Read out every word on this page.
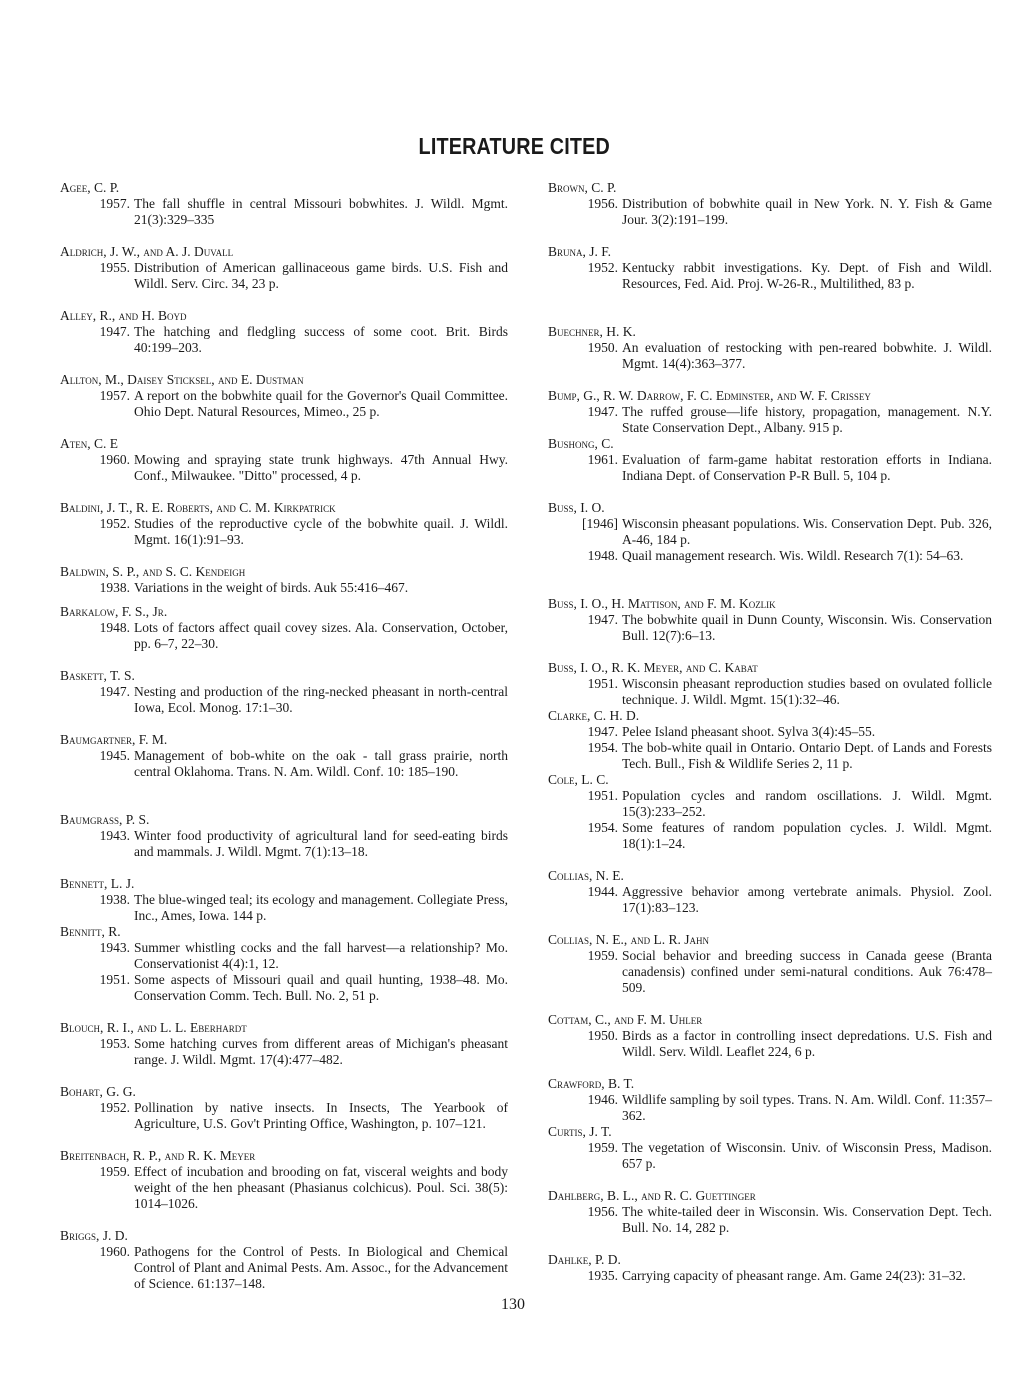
LITERATURE CITED
Agee, C. P.
1957. The fall shuffle in central Missouri bobwhites. J. Wildl. Mgmt. 21(3):329–335
Aldrich, J. W., and A. J. Duvall
1955. Distribution of American gallinaceous game birds. U.S. Fish and Wildl. Serv. Circ. 34, 23 p.
Alley, R., and H. Boyd
1947. The hatching and fledgling success of some coot. Brit. Birds 40:199–203.
Allton, M., Daisey Sticksel, and E. Dustman
1957. A report on the bobwhite quail for the Governor's Quail Committee. Ohio Dept. Natural Resources, Mimeo., 25 p.
Aten, C. E
1960. Mowing and spraying state trunk highways. 47th Annual Hwy. Conf., Milwaukee. "Ditto" processed, 4 p.
Baldini, J. T., R. E. Roberts, and C. M. Kirkpatrick
1952. Studies of the reproductive cycle of the bobwhite quail. J. Wildl. Mgmt. 16(1):91–93.
Baldwin, S. P., and S. C. Kendeigh
1938. Variations in the weight of birds. Auk 55:416–467.
Barkalow, F. S., Jr.
1948. Lots of factors affect quail covey sizes. Ala. Conservation, October, pp. 6–7, 22–30.
Baskett, T. S.
1947. Nesting and production of the ring-necked pheasant in north-central Iowa, Ecol. Monog. 17:1–30.
Baumgartner, F. M.
1945. Management of bob-white on the oak - tall grass prairie, north central Oklahoma. Trans. N. Am. Wildl. Conf. 10: 185–190.
Baumgrass, P. S.
1943. Winter food productivity of agricultural land for seed-eating birds and mammals. J. Wildl. Mgmt. 7(1):13–18.
Bennett, L. J.
1938. The blue-winged teal; its ecology and management. Collegiate Press, Inc., Ames, Iowa. 144 p.
Bennitt, R.
1943. Summer whistling cocks and the fall harvest—a relationship? Mo. Conservationist 4(4):1, 12.
1951. Some aspects of Missouri quail and quail hunting, 1938–48. Mo. Conservation Comm. Tech. Bull. No. 2, 51 p.
Blouch, R. I., and L. L. Eberhardt
1953. Some hatching curves from different areas of Michigan's pheasant range. J. Wildl. Mgmt. 17(4):477–482.
Bohart, G. G.
1952. Pollination by native insects. In Insects, The Yearbook of Agriculture, U.S. Gov't Printing Office, Washington, p. 107–121.
Breitenbach, R. P., and R. K. Meyer
1959. Effect of incubation and brooding on fat, visceral weights and body weight of the hen pheasant (Phasianus colchicus). Poul. Sci. 38(5): 1014–1026.
Briggs, J. D.
1960. Pathogens for the Control of Pests. In Biological and Chemical Control of Plant and Animal Pests. Am. Assoc., for the Advancement of Science. 61:137–148.
Brown, C. P.
1956. Distribution of bobwhite quail in New York. N. Y. Fish & Game Jour. 3(2):191–199.
Bruna, J. F.
1952. Kentucky rabbit investigations. Ky. Dept. of Fish and Wildl. Resources, Fed. Aid. Proj. W-26-R., Multilithed, 83 p.
Buechner, H. K.
1950. An evaluation of restocking with pen-reared bobwhite. J. Wildl. Mgmt. 14(4):363–377.
Bump, G., R. W. Darrow, F. C. Edminster, and W. F. Crissey
1947. The ruffed grouse—life history, propagation, management. N.Y. State Conservation Dept., Albany. 915 p.
Bushong, C.
1961. Evaluation of farm-game habitat restoration efforts in Indiana. Indiana Dept. of Conservation P-R Bull. 5, 104 p.
Buss, I. O.
[1946] Wisconsin pheasant populations. Wis. Conservation Dept. Pub. 326, A-46, 184 p.
1948. Quail management research. Wis. Wildl. Research 7(1): 54–63.
Buss, I. O., H. Mattison, and F. M. Kozlik
1947. The bobwhite quail in Dunn County, Wisconsin. Wis. Conservation Bull. 12(7):6–13.
Buss, I. O., R. K. Meyer, and C. Kabat
1951. Wisconsin pheasant reproduction studies based on ovulated follicle technique. J. Wildl. Mgmt. 15(1):32–46.
Clarke, C. H. D.
1947. Pelee Island pheasant shoot. Sylva 3(4):45–55.
1954. The bob-white quail in Ontario. Ontario Dept. of Lands and Forests Tech. Bull., Fish & Wildlife Series 2, 11 p.
Cole, L. C.
1951. Population cycles and random oscillations. J. Wildl. Mgmt. 15(3):233–252.
1954. Some features of random population cycles. J. Wildl. Mgmt. 18(1):1–24.
Collias, N. E.
1944. Aggressive behavior among vertebrate animals. Physiol. Zool. 17(1):83–123.
Collias, N. E., and L. R. Jahn
1959. Social behavior and breeding success in Canada geese (Branta canadensis) confined under semi-natural conditions. Auk 76:478–509.
Cottam, C., and F. M. Uhler
1950. Birds as a factor in controlling insect depredations. U.S. Fish and Wildl. Serv. Wildl. Leaflet 224, 6 p.
Crawford, B. T.
1946. Wildlife sampling by soil types. Trans. N. Am. Wildl. Conf. 11:357–362.
Curtis, J. T.
1959. The vegetation of Wisconsin. Univ. of Wisconsin Press, Madison. 657 p.
Dahlberg, B. L., and R. C. Guettinger
1956. The white-tailed deer in Wisconsin. Wis. Conservation Dept. Tech. Bull. No. 14, 282 p.
Dahlke, P. D.
1935. Carrying capacity of pheasant range. Am. Game 24(23): 31–32.
130
